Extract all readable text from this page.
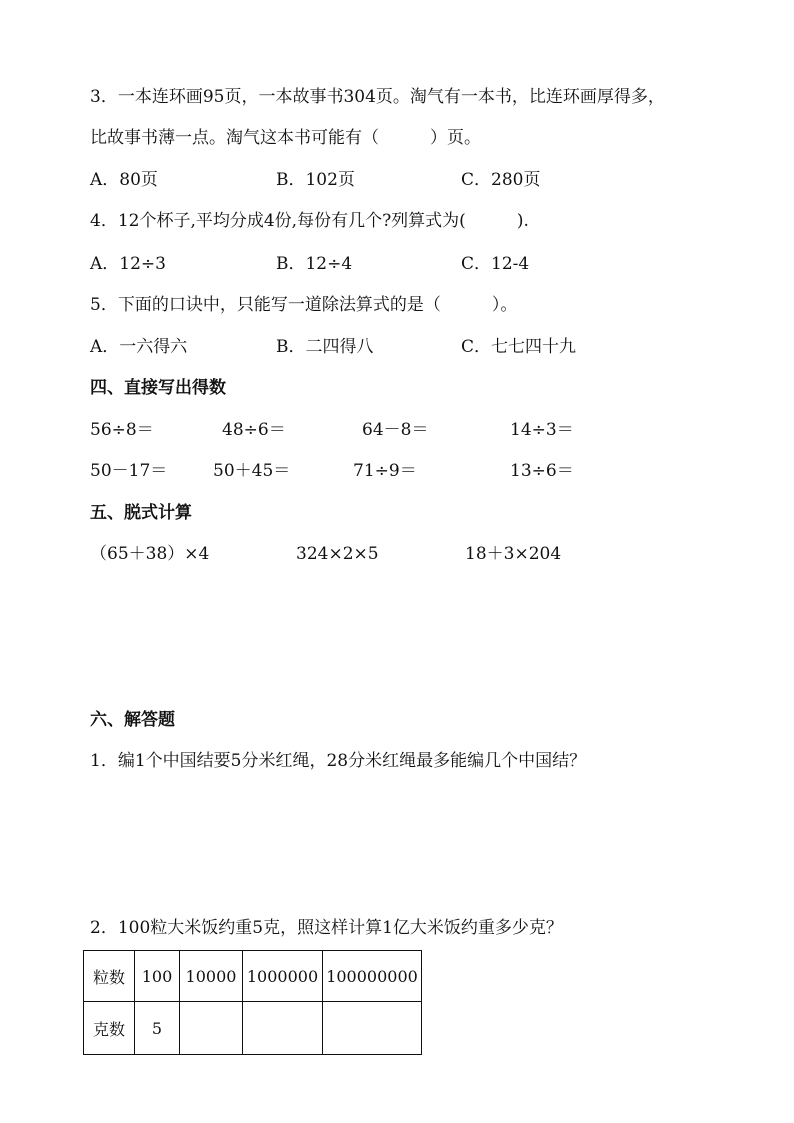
3．一本连环画95页，一本故事书304页。淘气有一本书，比连环画厚得多，
比故事书薄一点。淘气这本书可能有（　　　）页。
A．80页	B．102页	C．280页
4．12个杯子,平均分成4份,每份有几个?列算式为(　　　).
A．12÷3	B．12÷4	C．12-4
5．下面的口诀中，只能写一道除法算式的是（　　　）。
A．一六得六	B．二四得八	C．七七四十九
四、直接写出得数
56÷8＝	48÷6＝	64－8＝	14÷3＝
50－17＝	50＋45＝	71÷9＝	13÷6＝
五、脱式计算
（65＋38）×4	324×2×5	18＋3×204
六、解答题
1．编1个中国结要5分米红绳，28分米红绳最多能编几个中国结？
2．100粒大米饭约重5克，照这样计算1亿大米饭约重多少克？
粒数	100	10000	1000000	100000000
克数	5			
